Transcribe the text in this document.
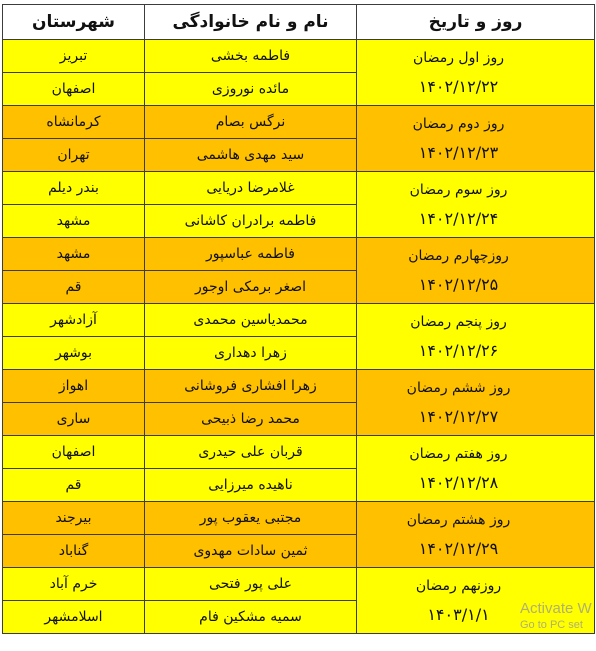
شهرستان	نام و نام خانوادگی	روز و تاریخ
تبریز	فاطمه بخشی	روز اول رمضان
۱۴۰۲/۱۲/۲۲

اصفهان	مائده نوروزی	
کرمانشاه	نرگس بصام	روز دوم رمضان
۱۴۰۲/۱۲/۲۳

تهران	سید مهدی هاشمی	
بندر دیلم	غلامرضا دریایی	روز سوم رمضان
۱۴۰۲/۱۲/۲۴

مشهد	فاطمه برادران کاشانی	
مشهد	فاطمه عباسپور	روزچهارم رمضان
۱۴۰۲/۱۲/۲۵

قم	اصغر برمکی اوجور	
آزادشهر	محمدیاسین محمدی	روز پنجم رمضان
۱۴۰۲/۱۲/۲۶

بوشهر	زهرا دهداری	
اهواز	زهرا افشاری فروشانی	روز ششم رمضان
۱۴۰۲/۱۲/۲۷

ساری	محمد رضا ذبیحی	
اصفهان	قربان علی حیدری	روز هفتم رمضان
۱۴۰۲/۱۲/۲۸

قم	ناهیده میرزایی	
بیرجند	مجتبی یعقوب پور	روز هشتم رمضان
۱۴۰۲/۱۲/۲۹

گناباد	ثمین سادات مهدوی	
خرم آباد	علی پور فتحی	روزنهم رمضان
۱۴۰۳/۱/۱

اسلامشهر	سمیه مشکین فام		Activate W
Go to PC set
